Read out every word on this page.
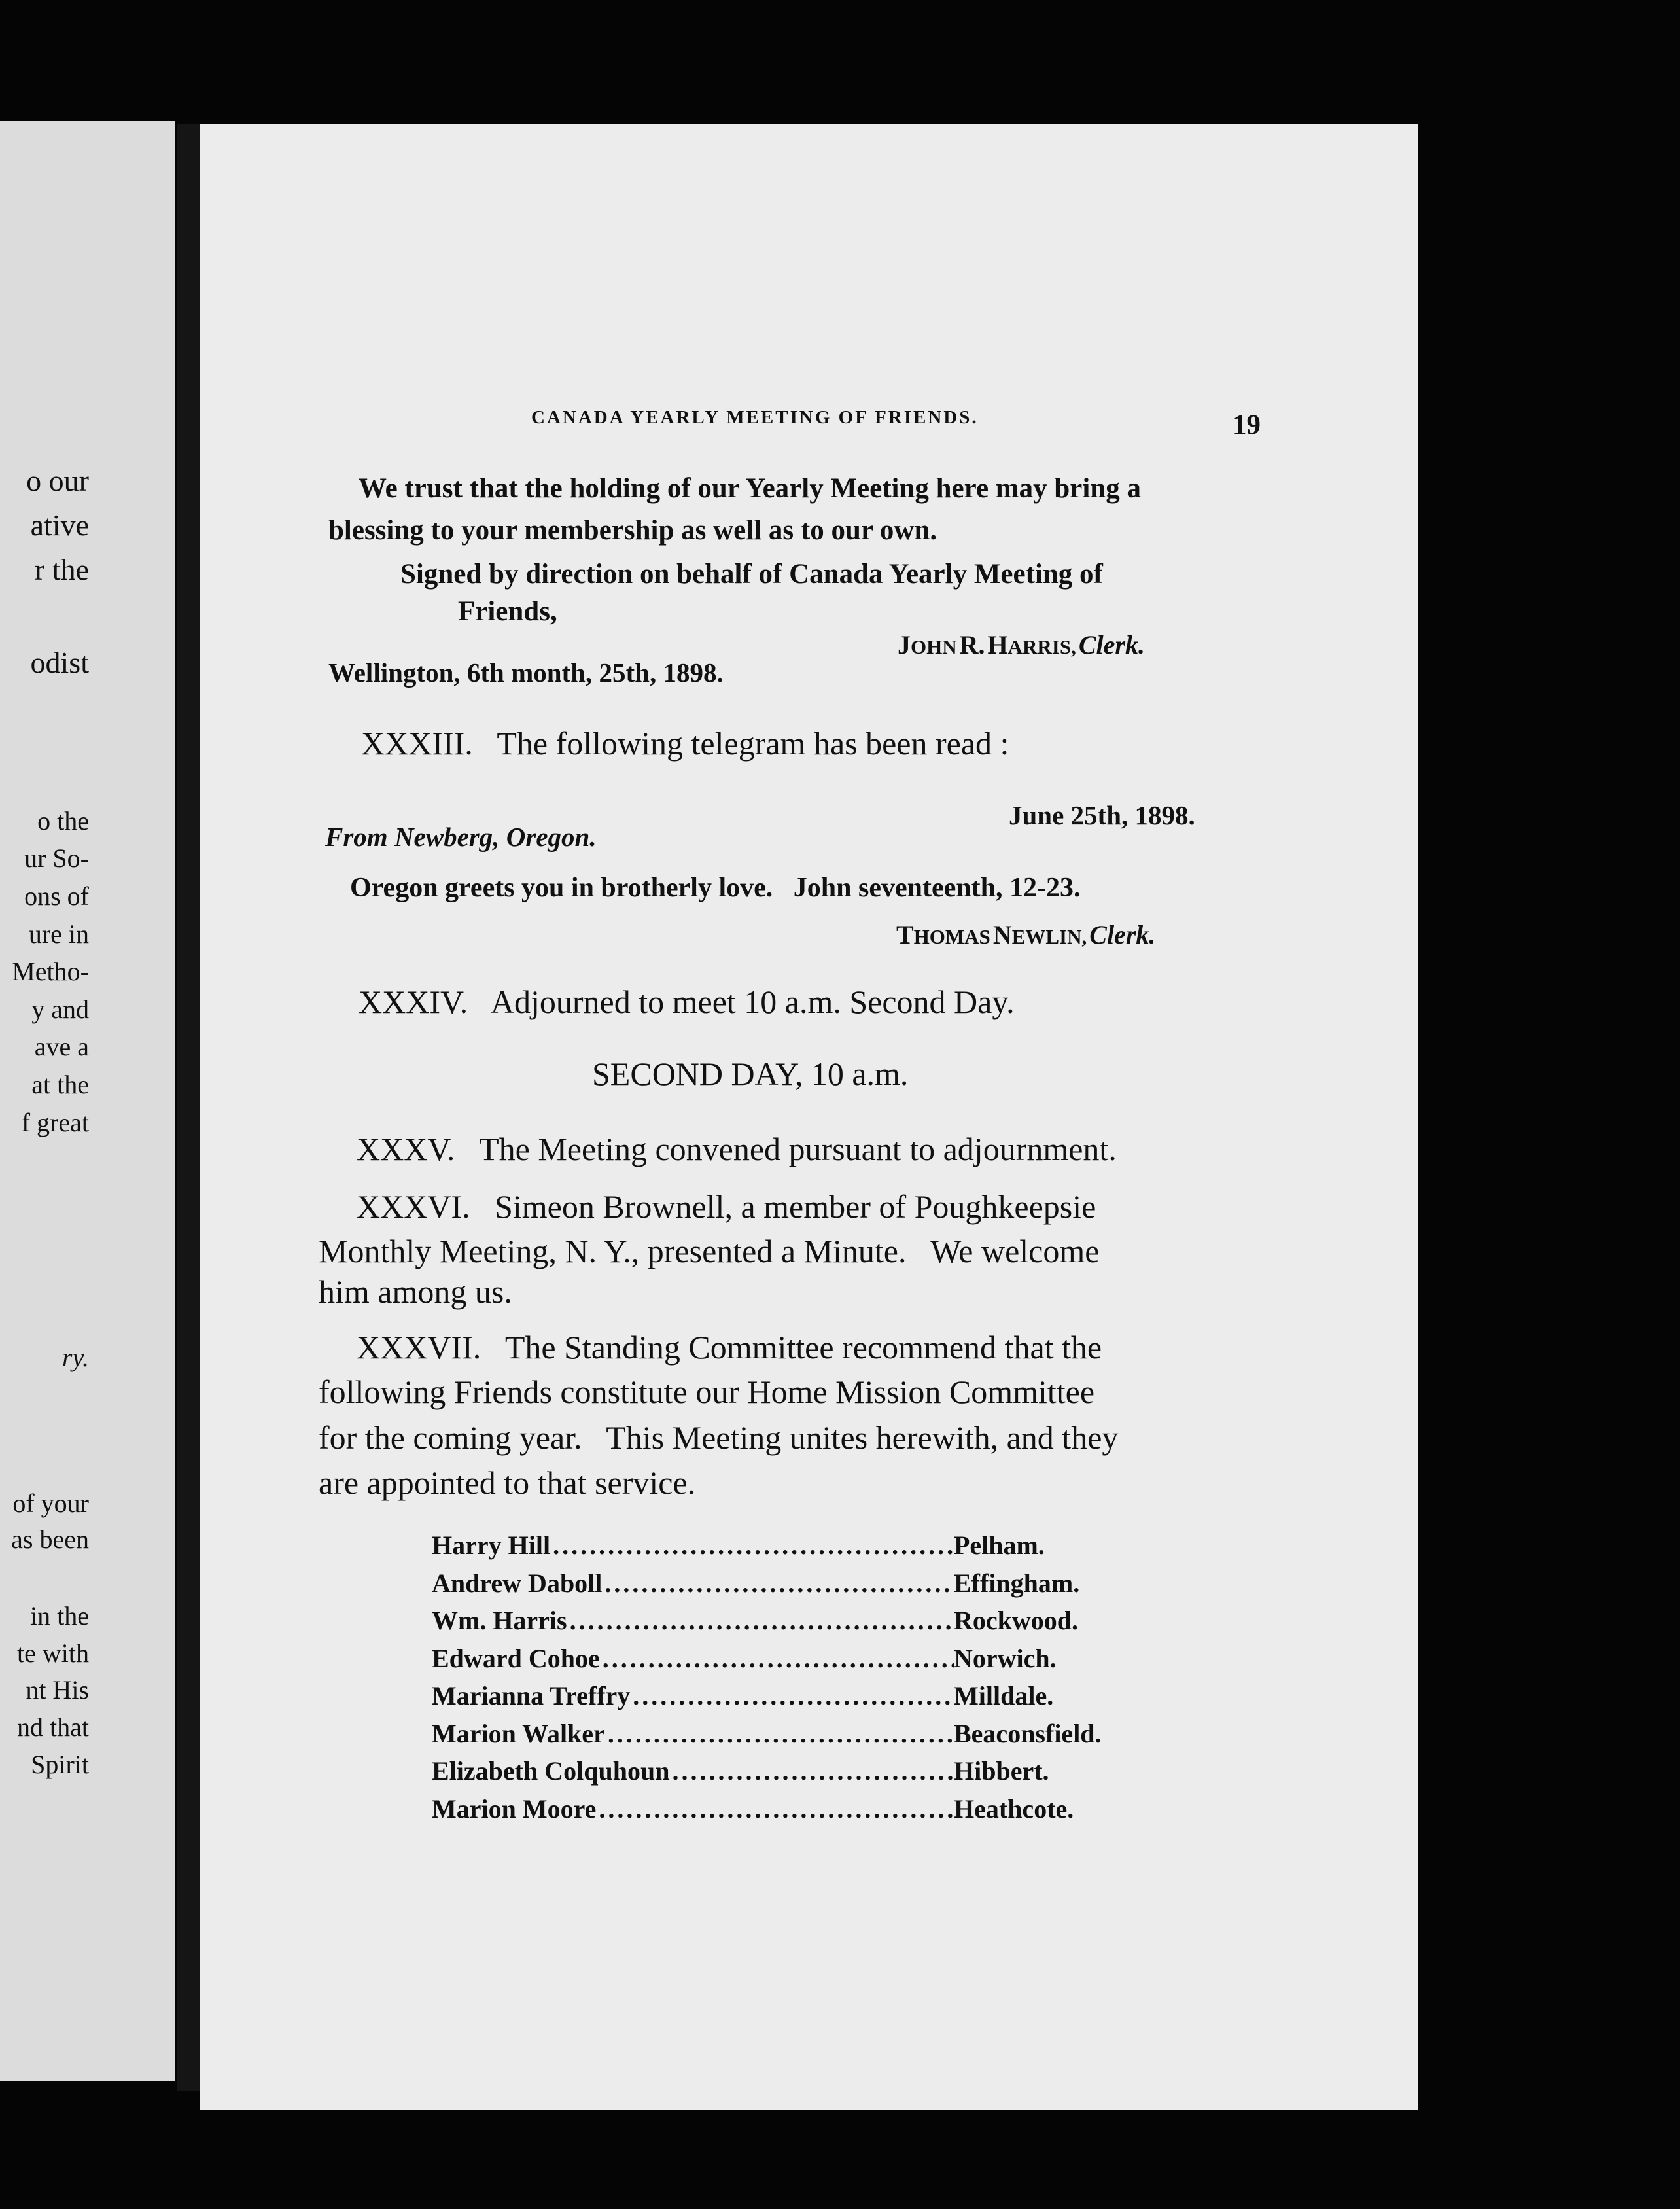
o our
ative
r the
odist
o the
ur So-
ons of
ure in
Metho-
y and
ave a
at the
f great
ry.
of your
as been
in the
te with
nt His
nd that
Spirit
CANADA YEARLY MEETING OF FRIENDS.	19
We trust that the holding of our Yearly Meeting here may bring a
blessing to your membership as well as to our own.
Signed by direction on behalf of Canada Yearly Meeting of
Friends,
JOHN R. HARRIS, Clerk.
Wellington, 6th month, 25th, 1898.
XXXIII.   The following telegram has been read :
June 25th, 1898.
From Newberg, Oregon.
Oregon greets you in brotherly love.   John seventeenth, 12-23.
THOMAS NEWLIN, Clerk.
XXXIV.   Adjourned to meet 10 a.m. Second Day.
SECOND DAY, 10 a.m.
XXXV.   The Meeting convened pursuant to adjournment.
XXXVI.   Simeon Brownell, a member of Poughkeepsie
Monthly Meeting, N. Y., presented a Minute.   We welcome
him among us.
XXXVII.   The Standing Committee recommend that the
following Friends constitute our Home Mission Committee
for the coming year.   This Meeting unites herewith, and they
are appointed to that service.
Harry Hill .....	Pelham.
Andrew Daboll .....	Effingham.
Wm. Harris .....	Rockwood.
Edward Cohoe .....	Norwich.
Marianna Treffry .....	Milldale.
Marion Walker .....	Beaconsfield.
Elizabeth Colquhoun .....	Hibbert.
Marion Moore .....	Heathcote.
